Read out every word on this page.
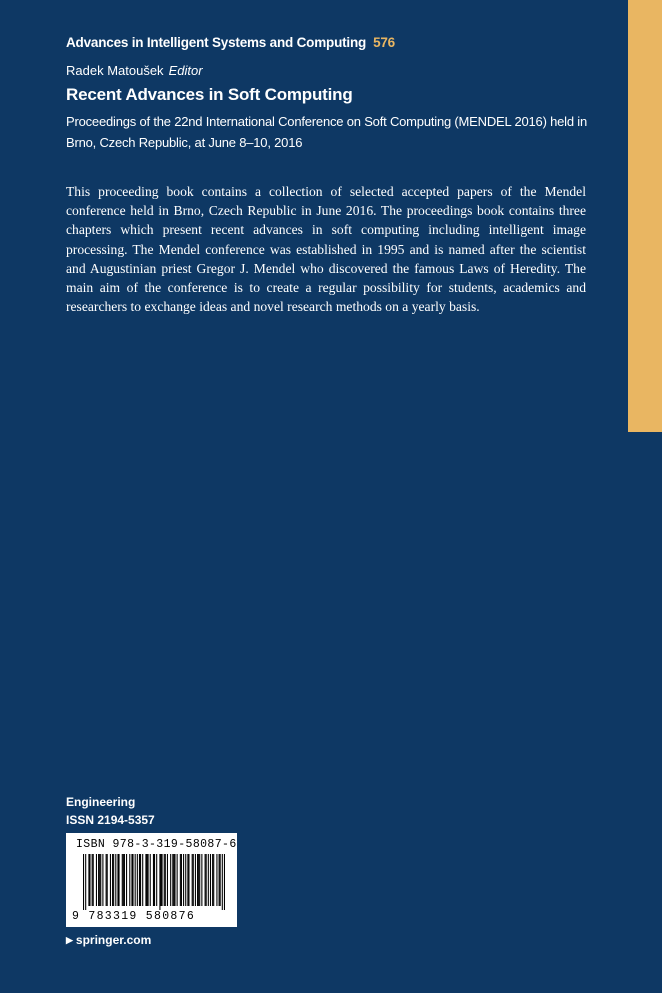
Advances in Intelligent Systems and Computing 576
Radek Matoušek Editor
Recent Advances in Soft Computing
Proceedings of the 22nd International Conference on Soft Computing (MENDEL 2016) held in Brno, Czech Republic, at June 8–10, 2016
This proceeding book contains a collection of selected accepted papers of the Mendel conference held in Brno, Czech Republic in June 2016. The proceedings book contains three chapters which present recent advances in soft computing including intelligent image processing. The Mendel conference was established in 1995 and is named after the scientist and Augustinian priest Gregor J. Mendel who discovered the famous Laws of Heredity. The main aim of the conference is to create a regular possibility for students, academics and researchers to exchange ideas and novel research methods on a yearly basis.
Engineering
ISSN 2194-5357
ISBN 978-3-319-58087-6
9 783319 580876
▶ springer.com
